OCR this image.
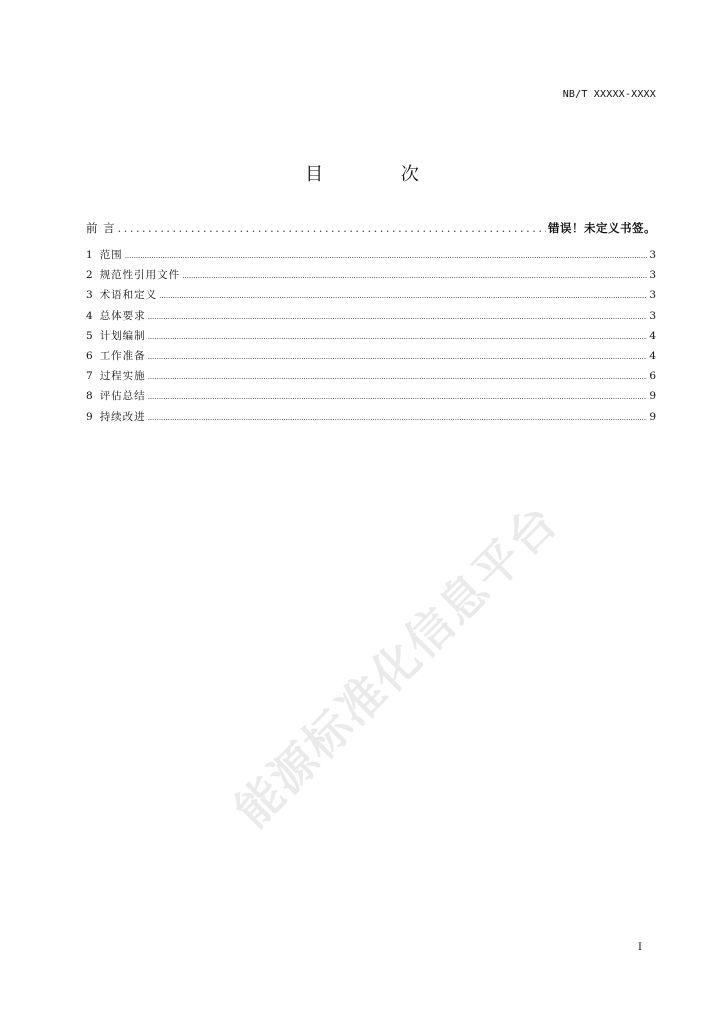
NB/T XXXXX-XXXX
目 次
前 言 .....	错误！未定义书签。
1 范围 .....	3
2 规范性引用文件 .....	3
3 术语和定义 .....	3
4 总体要求 .....	3
5 计划编制 .....	4
6 工作准备 .....	4
7 过程实施 .....	6
8 评估总结 .....	9
9 持续改进 .....	9
能源标准化信息平台
I
